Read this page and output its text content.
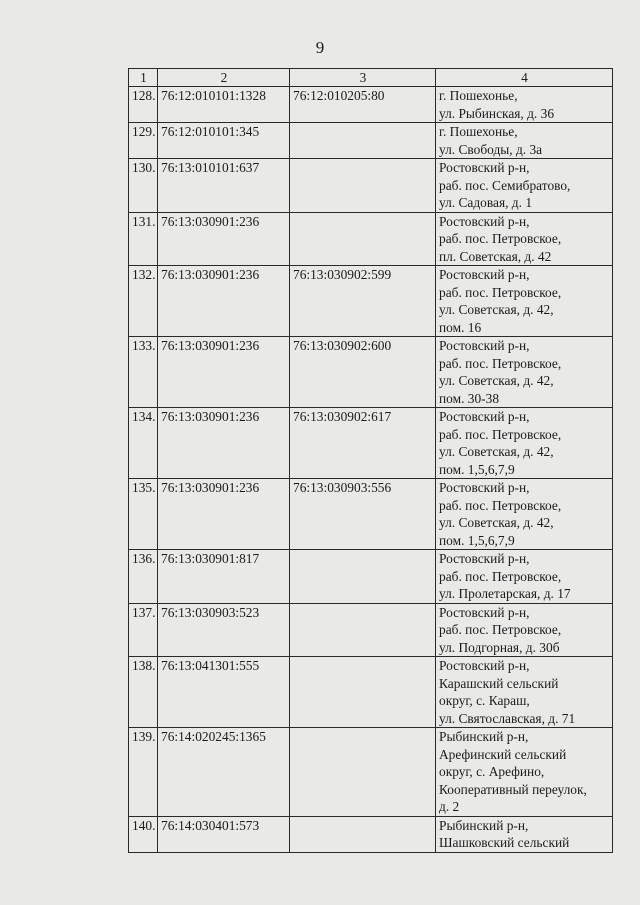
9
1	2	3	4
128.	76:12:010101:1328	76:12:010205:80	г. Пошехонье,
ул. Рыбинская, д. 36

129.	76:12:010101:345		г. Пошехонье,
ул. Свободы, д. 3а

130.	76:13:010101:637		Ростовский р-н,
раб. пос. Семибратово,
ул. Садовая, д. 1

131.	76:13:030901:236		Ростовский р-н,
раб. пос. Петровское,
пл. Советская, д. 42

132.	76:13:030901:236	76:13:030902:599	Ростовский р-н,
раб. пос. Петровское,
ул. Советская, д. 42,
пом. 16

133.	76:13:030901:236	76:13:030902:600	Ростовский р-н,
раб. пос. Петровское,
ул. Советская, д. 42,
пом. 30-38

134.	76:13:030901:236	76:13:030902:617	Ростовский р-н,
раб. пос. Петровское,
ул. Советская, д. 42,
пом. 1,5,6,7,9

135.	76:13:030901:236	76:13:030903:556	Ростовский р-н,
раб. пос. Петровское,
ул. Советская, д. 42,
пом. 1,5,6,7,9

136.	76:13:030901:817		Ростовский р-н,
раб. пос. Петровское,
ул. Пролетарская, д. 17

137.	76:13:030903:523		Ростовский р-н,
раб. пос. Петровское,
ул. Подгорная, д. 30б

138.	76:13:041301:555		Ростовский р-н,
Карашский сельский
округ, с. Караш,
ул. Святославская, д. 71

139.	76:14:020245:1365		Рыбинский р-н,
Арефинский сельский
округ, с. Арефино,
Кооперативный переулок,
д. 2

140.	76:14:030401:573		Рыбинский р-н,
Шашковский сельский
